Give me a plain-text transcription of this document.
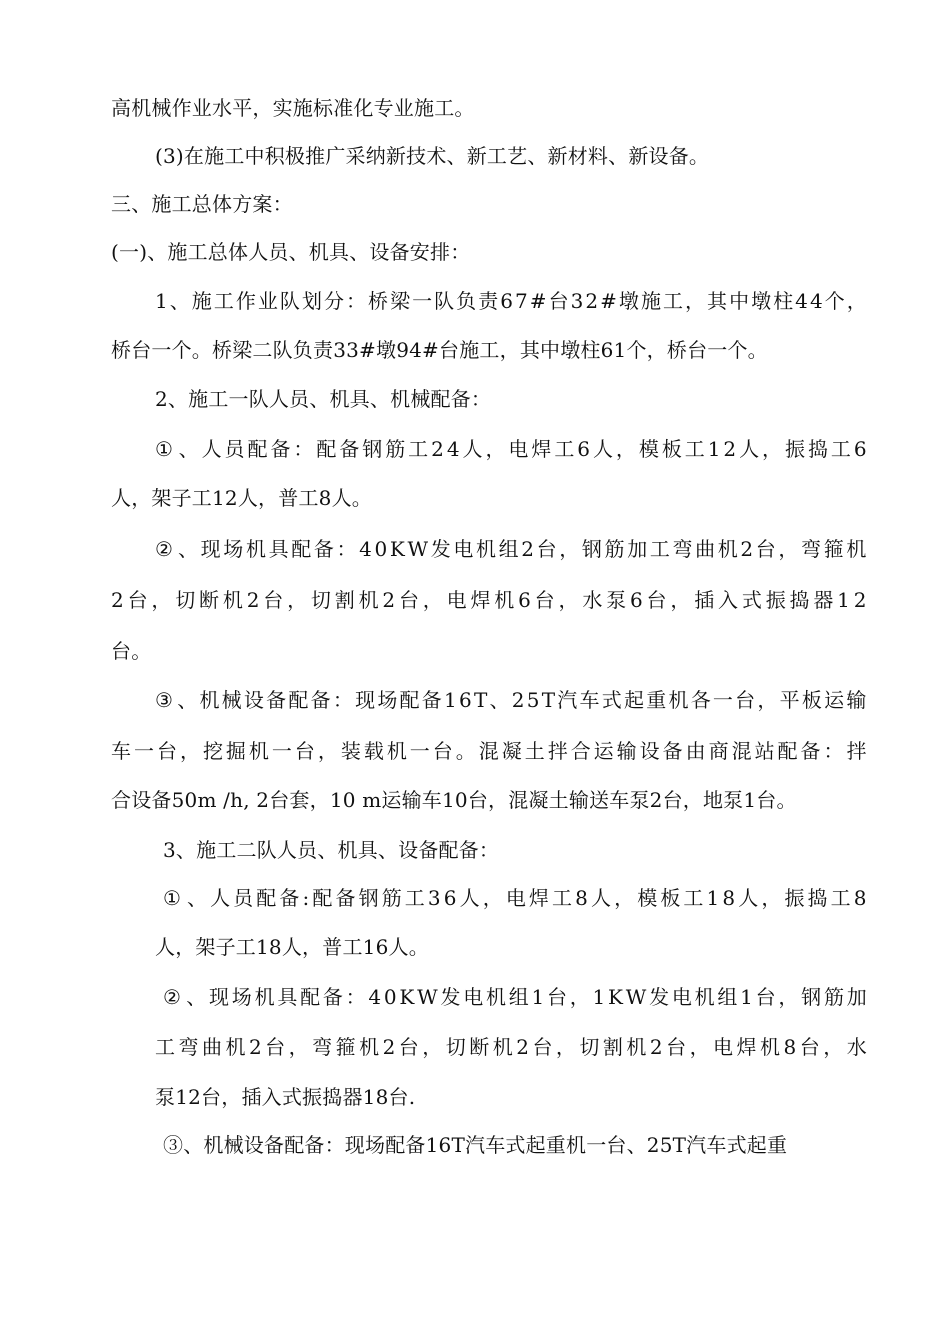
高机械作业水平，实施标准化专业施工。
(3)在施工中积极推广采纳新技术、新工艺、新材料、新设备。
三、施工总体方案：
(一)、施工总体人员、机具、设备安排：
1 、 施 工 作 业 队 划 分 ： 桥 梁 一 队 负 责 6 7 # 台 3 2 # 墩 施 工 ， 其 中 墩 柱 4 4 个 ，
桥台一个。桥梁二队负责33#墩94#台施工，其中墩柱61个，桥台一个。
2、施工一队人员、机具、机械配备：
① 、 人 员 配 备 ： 配 备 钢 筋 工 2 4 人 ， 电 焊 工 6 人 ， 模 板 工 1 2 人 ， 振 捣 工 6
人，架子工12人，普工8人。
② 、 现 场 机 具 配 备 ： 4 0 K W 发 电 机 组 2 台 ， 钢 筋 加 工 弯 曲 机 2 台 ， 弯 箍 机
2 台 ， 切 断 机 2 台 ， 切 割 机 2 台 ， 电 焊 机 6 台 ， 水 泵 6 台 ， 插 入 式 振 捣 器 1 2
台。
③ 、 机 械 设 备 配 备 ： 现 场 配 备 1 6 T 、 2 5 T 汽 车 式 起 重 机 各 一 台 ， 平 板 运 输
车 一 台 ， 挖 掘 机 一 台 ， 装 载 机 一 台 。 混 凝 土 拌 合 运 输 设 备 由 商 混 站 配 备 ： 拌
合设备50m /h, 2台套，10 m运输车10台，混凝土输送车泵2台，地泵1台。
3、施工二队人员、机具、设备配备：
① 、 人 员 配 备 : 配 备 钢 筋 工 3 6 人 ， 电 焊 工 8 人 ， 模 板 工 1 8 人 ， 振 捣 工 8
人，架子工18人，普工16人。
② 、 现 场 机 具 配 备 ： 4 0 K W 发 电 机 组 1 台 ， 1 K W 发 电 机 组 1 台 ， 钢 筋 加
工 弯 曲 机 2 台 ， 弯 箍 机 2 台 ， 切 断 机 2 台 ， 切 割 机 2 台 ， 电 焊 机 8 台 ， 水
泵12台，插入式振捣器18台.
③、机械设备配备：现场配备16T汽车式起重机一台、25T汽车式起重
